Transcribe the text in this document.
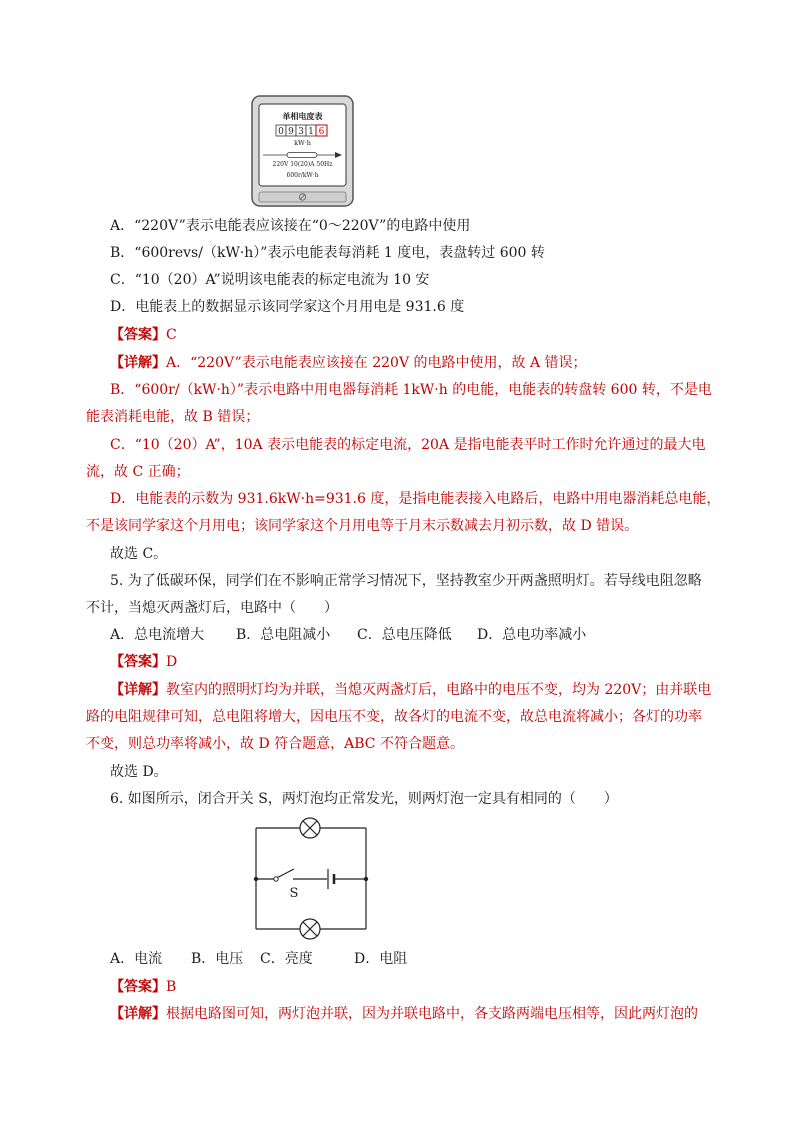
单相电度表
0 9 3 1 6
kW·h
220V 10(20)A 50Hz
600r/kW·h
A．“220V”表示电能表应该接在“0～220V”的电路中使用
B．“600revs/（kW·h）”表示电能表每消耗 1 度电，表盘转过 600 转
C．“10（20）A”说明该电能表的标定电流为 10 安
D．电能表上的数据显示该同学家这个月用电是 931.6 度
【答案】C
【详解】A．“220V”表示电能表应该接在 220V 的电路中使用，故 A 错误；
B．“600r/（kW·h）”表示电路中用电器每消耗 1kW·h 的电能，电能表的转盘转 600 转，不是电
能表消耗电能，故 B 错误；
C．“10（20）A”，10A 表示电能表的标定电流，20A 是指电能表平时工作时允许通过的最大电
流，故 C 正确；
D．电能表的示数为 931.6kW·h=931.6 度，是指电能表接入电路后，电路中用电器消耗总电能，
不是该同学家这个月用电；该同学家这个月用电等于月末示数减去月初示数，故 D 错误。
故选 C。
5. 为了低碳环保，同学们在不影响正常学习情况下，坚持教室少开两盏照明灯。若导线电阻忽略
不计，当熄灭两盏灯后，电路中（　　）
A．总电流增大 B．总电阻减小 C．总电压降低 D．总电功率减小
【答案】D
【详解】教室内的照明灯均为并联，当熄灭两盏灯后，电路中的电压不变，均为 220V；由并联电
路的电阻规律可知，总电阻将增大，因电压不变，故各灯的电流不变，故总电流将减小；各灯的功率
不变，则总功率将减小，故 D 符合题意，ABC 不符合题意。
故选 D。
6. 如图所示，闭合开关 S，两灯泡均正常发光，则两灯泡一定具有相同的（　　）
S
A．电流 B．电压 C．亮度	D．电阻
【答案】B
【详解】根据电路图可知，两灯泡并联，因为并联电路中，各支路两端电压相等，因此两灯泡的
